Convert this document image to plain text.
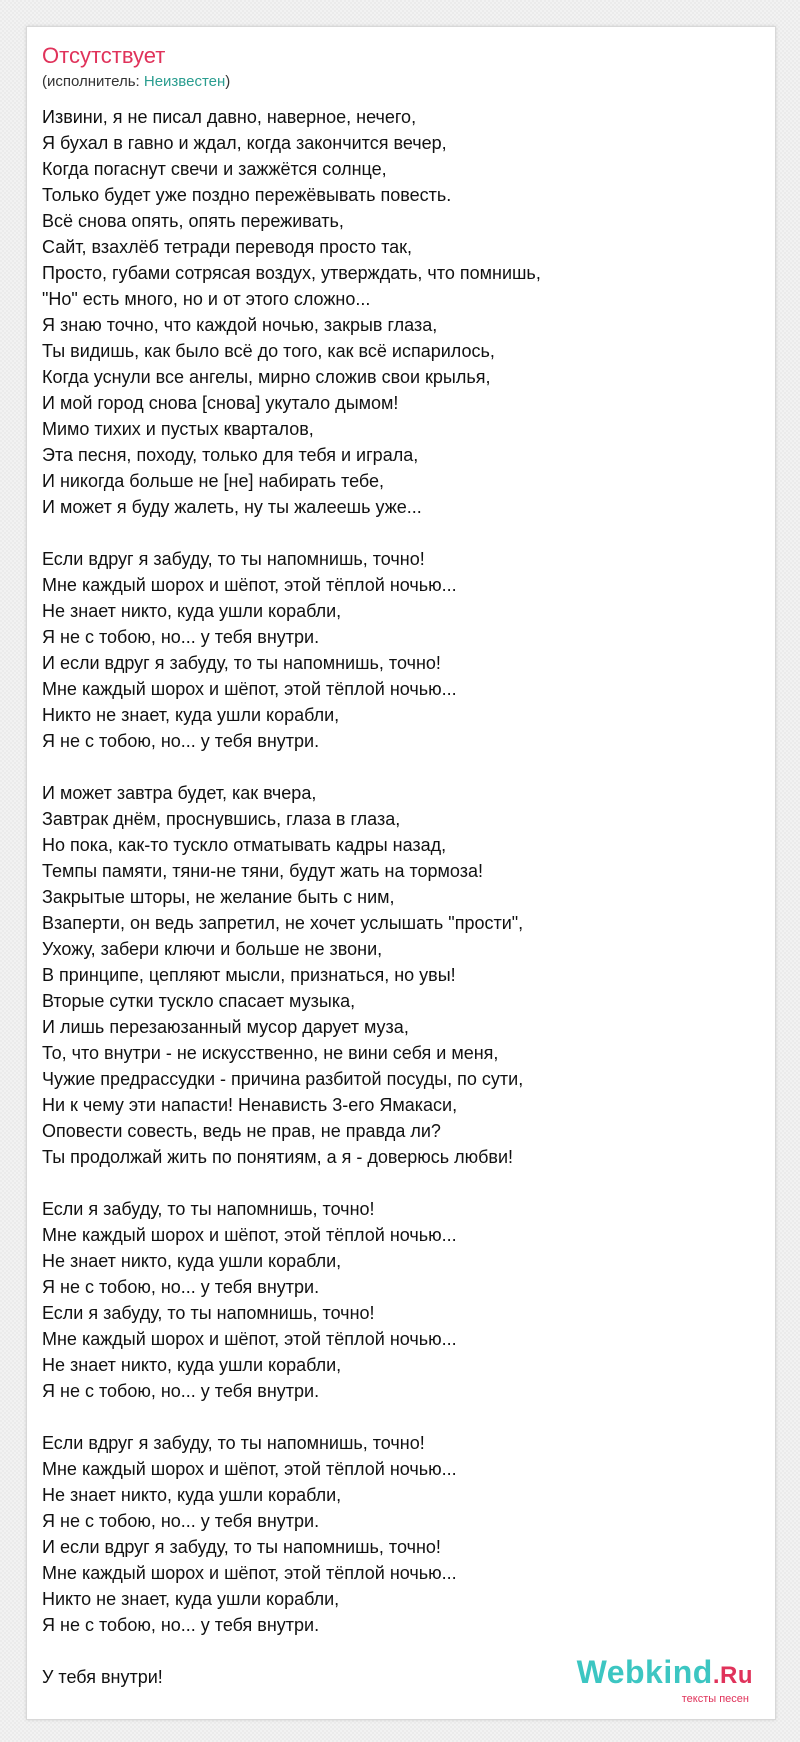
Отсутствует
(исполнитель: Неизвестен)
Извини, я не писал давно, наверное, нечего,
Я бухал в гавно и ждал, когда закончится вечер,
Когда погаснут свечи и зажжётся солнце,
Только будет уже поздно пережёвывать повесть.
Всё снова опять, опять переживать,
Сайт, взахлёб тетради переводя просто так,
Просто, губами сотрясая воздух, утверждать, что помнишь,
"Но" есть много, но и от этого сложно...
Я знаю точно, что каждой ночью, закрыв глаза,
Ты видишь, как было всё до того, как всё испарилось,
Когда уснули все ангелы, мирно сложив свои крылья,
И мой город снова [снова] укутало дымом!
Мимо тихих и пустых кварталов,
Эта песня, походу, только для тебя и играла,
И никогда больше не [не] набирать тебе,
И может я буду жалеть, ну ты жалеешь уже...
Если вдруг я забуду, то ты напомнишь, точно!
Мне каждый шорох и шёпот, этой тёплой ночью...
Не знает никто, куда ушли корабли,
Я не с тобою, но... у тебя внутри.
И если вдруг я забуду, то ты напомнишь, точно!
Мне каждый шорох и шёпот, этой тёплой ночью...
Никто не знает, куда ушли корабли,
Я не с тобою, но... у тебя внутри.
И может завтра будет, как вчера,
Завтрак днём, проснувшись, глаза в глаза,
Но пока, как-то тускло отматывать кадры назад,
Темпы памяти, тяни-не тяни, будут жать на тормоза!
Закрытые шторы, не желание быть с ним,
Взаперти, он ведь запретил, не хочет услышать "прости",
Ухожу, забери ключи и больше не звони,
В принципе, цепляют мысли, признаться, но увы!
Вторые сутки тускло спасает музыка,
И лишь перезаюзанный мусор дарует муза,
То, что внутри - не искусственно, не вини себя и меня,
Чужие предрассудки - причина разбитой посуды, по сути,
Ни к чему эти напасти! Ненависть 3-его Ямакаси,
Оповести совесть, ведь не прав, не правда ли?
Ты продолжай жить по понятиям, а я - доверюсь любви!
Если я забуду, то ты напомнишь, точно!
Мне каждый шорох и шёпот, этой тёплой ночью...
Не знает никто, куда ушли корабли,
Я не с тобою, но... у тебя внутри.
Если я забуду, то ты напомнишь, точно!
Мне каждый шорох и шёпот, этой тёплой ночью...
Не знает никто, куда ушли корабли,
Я не с тобою, но... у тебя внутри.
Если вдруг я забуду, то ты напомнишь, точно!
Мне каждый шорох и шёпот, этой тёплой ночью...
Не знает никто, куда ушли корабли,
Я не с тобою, но... у тебя внутри.
И если вдруг я забуду, то ты напомнишь, точно!
Мне каждый шорох и шёпот, этой тёплой ночью...
Никто не знает, куда ушли корабли,
Я не с тобою, но... у тебя внутри.
У тебя внутри!	Webkind.Ru
тексты песен
